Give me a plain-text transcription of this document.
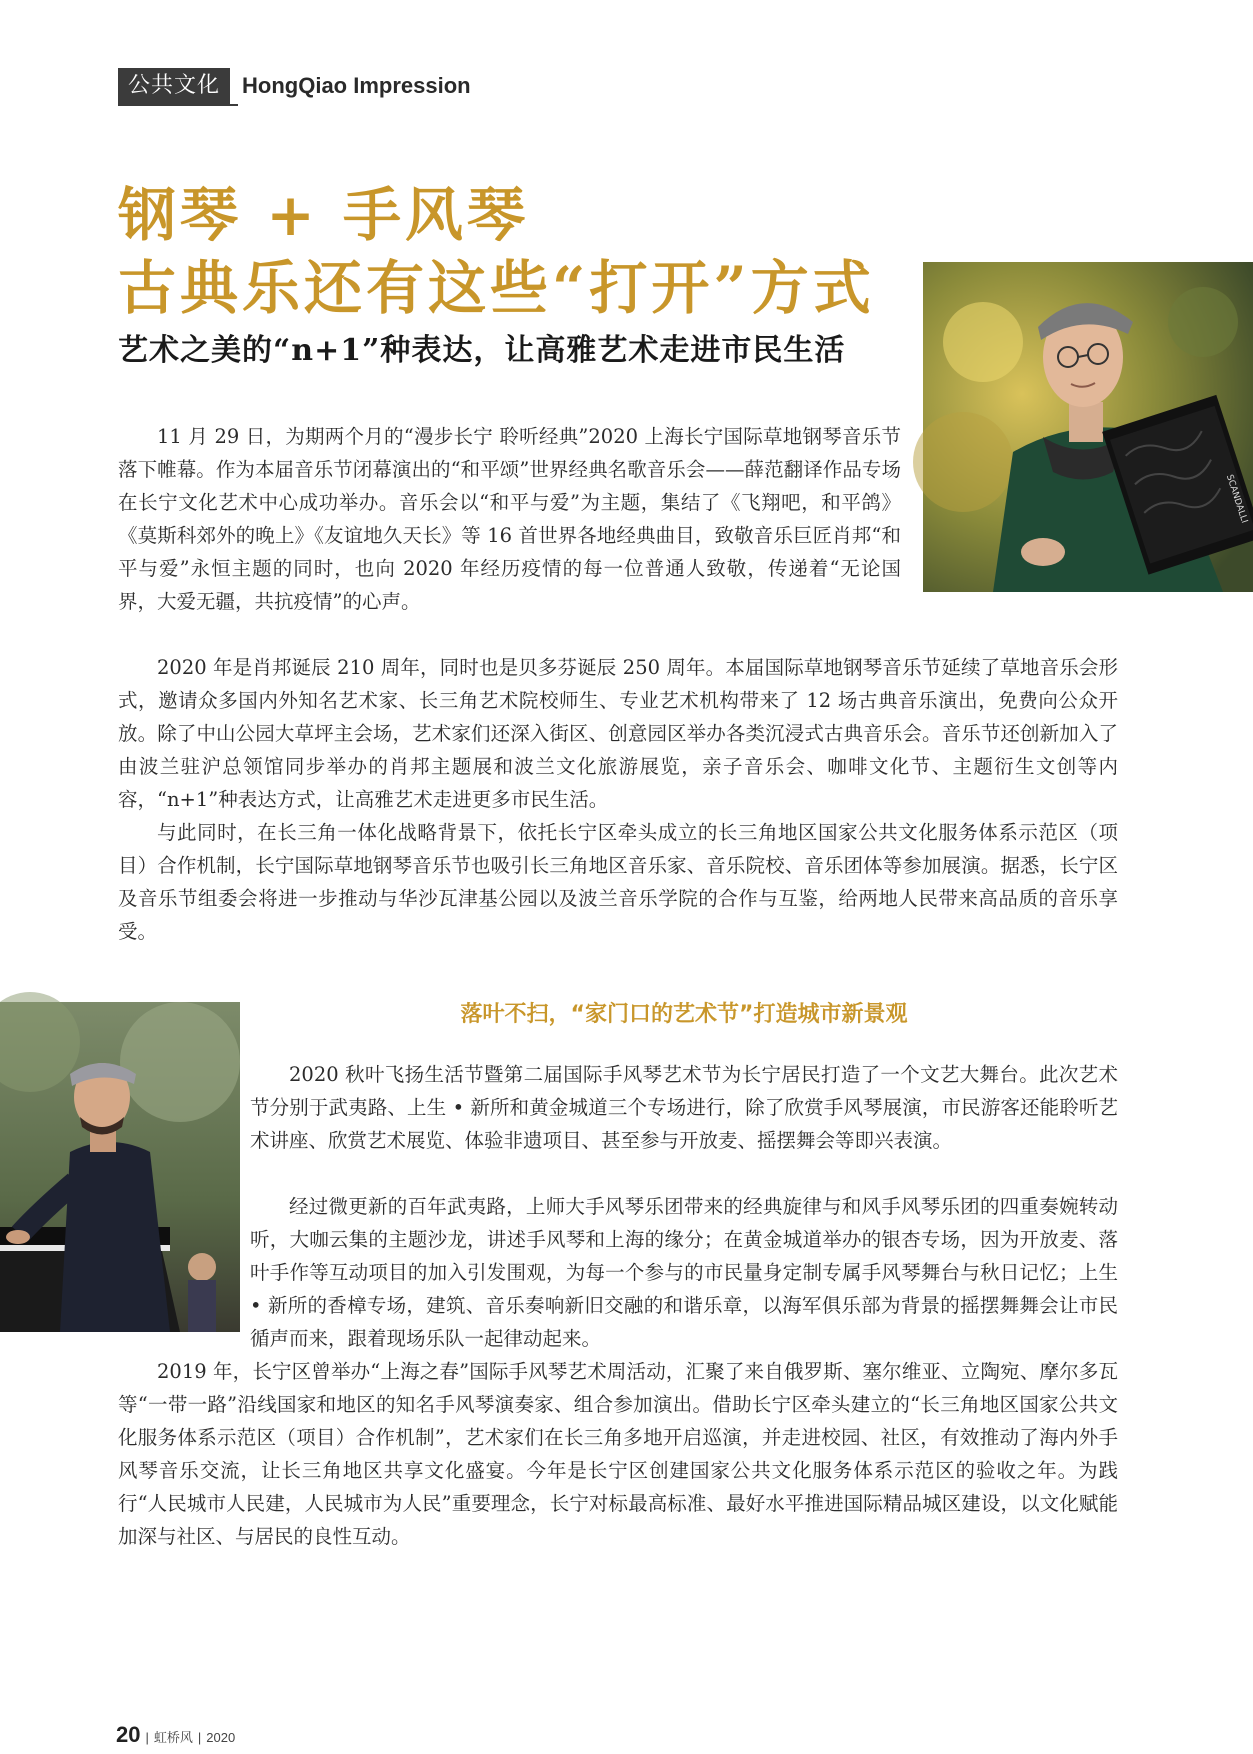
公共文化	HongQiao Impression
钢琴 + 手风琴
古典乐还有这些“打开”方式
艺术之美的“n+1”种表达，让高雅艺术走进市民生活
SCANDALLI

11 月 29 日，为期两个月的“漫步长宁 聆听经典”2020 上海长宁国际草地钢琴音乐节落下帷幕。作为本届音乐节闭幕演出的“和平颂”世界经典名歌音乐会——薛范翻译作品专场在长宁文化艺术中心成功举办。音乐会以“和平与爱”为主题，集结了《飞翔吧，和平鸽》《莫斯科郊外的晚上》《友谊地久天长》等 16 首世界各地经典曲目，致敬音乐巨匠肖邦“和平与爱”永恒主题的同时，也向 2020 年经历疫情的每一位普通人致敬，传递着“无论国界，大爱无疆，共抗疫情”的心声。

2020 年是肖邦诞辰 210 周年，同时也是贝多芬诞辰 250 周年。本届国际草地钢琴音乐节延续了草地音乐会形式，邀请众多国内外知名艺术家、长三角艺术院校师生、专业艺术机构带来了 12 场古典音乐演出，免费向公众开放。除了中山公园大草坪主会场，艺术家们还深入街区、创意园区举办各类沉浸式古典音乐会。音乐节还创新加入了由波兰驻沪总领馆同步举办的肖邦主题展和波兰文化旅游展览，亲子音乐会、咖啡文化节、主题衍生文创等内容，“n+1”种表达方式，让高雅艺术走进更多市民生活。

与此同时，在长三角一体化战略背景下，依托长宁区牵头成立的长三角地区国家公共文化服务体系示范区（项目）合作机制，长宁国际草地钢琴音乐节也吸引长三角地区音乐家、音乐院校、音乐团体等参加展演。据悉，长宁区及音乐节组委会将进一步推动与华沙瓦津基公园以及波兰音乐学院的合作与互鉴，给两地人民带来高品质的音乐享受。

落叶不扫，“家门口的艺术节”打造城市新景观

2020 秋叶飞扬生活节暨第二届国际手风琴艺术节为长宁居民打造了一个文艺大舞台。此次艺术节分别于武夷路、上生 • 新所和黄金城道三个专场进行，除了欣赏手风琴展演，市民游客还能聆听艺术讲座、欣赏艺术展览、体验非遗项目、甚至参与开放麦、摇摆舞会等即兴表演。

经过微更新的百年武夷路，上师大手风琴乐团带来的经典旋律与和风手风琴乐团的四重奏婉转动听，大咖云集的主题沙龙，讲述手风琴和上海的缘分；在黄金城道举办的银杏专场，因为开放麦、落叶手作等互动项目的加入引发围观，为每一个参与的市民量身定制专属手风琴舞台与秋日记忆；上生 • 新所的香樟专场，建筑、音乐奏响新旧交融的和谐乐章，以海军俱乐部为背景的摇摆舞舞会让市民循声而来，跟着现场乐队一起律动起来。

2019 年，长宁区曾举办“上海之春”国际手风琴艺术周活动，汇聚了来自俄罗斯、塞尔维亚、立陶宛、摩尔多瓦等“一带一路”沿线国家和地区的知名手风琴演奏家、组合参加演出。借助长宁区牵头建立的“长三角地区国家公共文化服务体系示范区（项目）合作机制”，艺术家们在长三角多地开启巡演，并走进校园、社区，有效推动了海内外手风琴音乐交流，让长三角地区共享文化盛宴。今年是长宁区创建国家公共文化服务体系示范区的验收之年。为践行“人民城市人民建，人民城市为人民”重要理念，长宁对标最高标准、最好水平推进国际精品城区建设，以文化赋能加深与社区、与居民的良性互动。

20 | 虹桥风 | 2020
